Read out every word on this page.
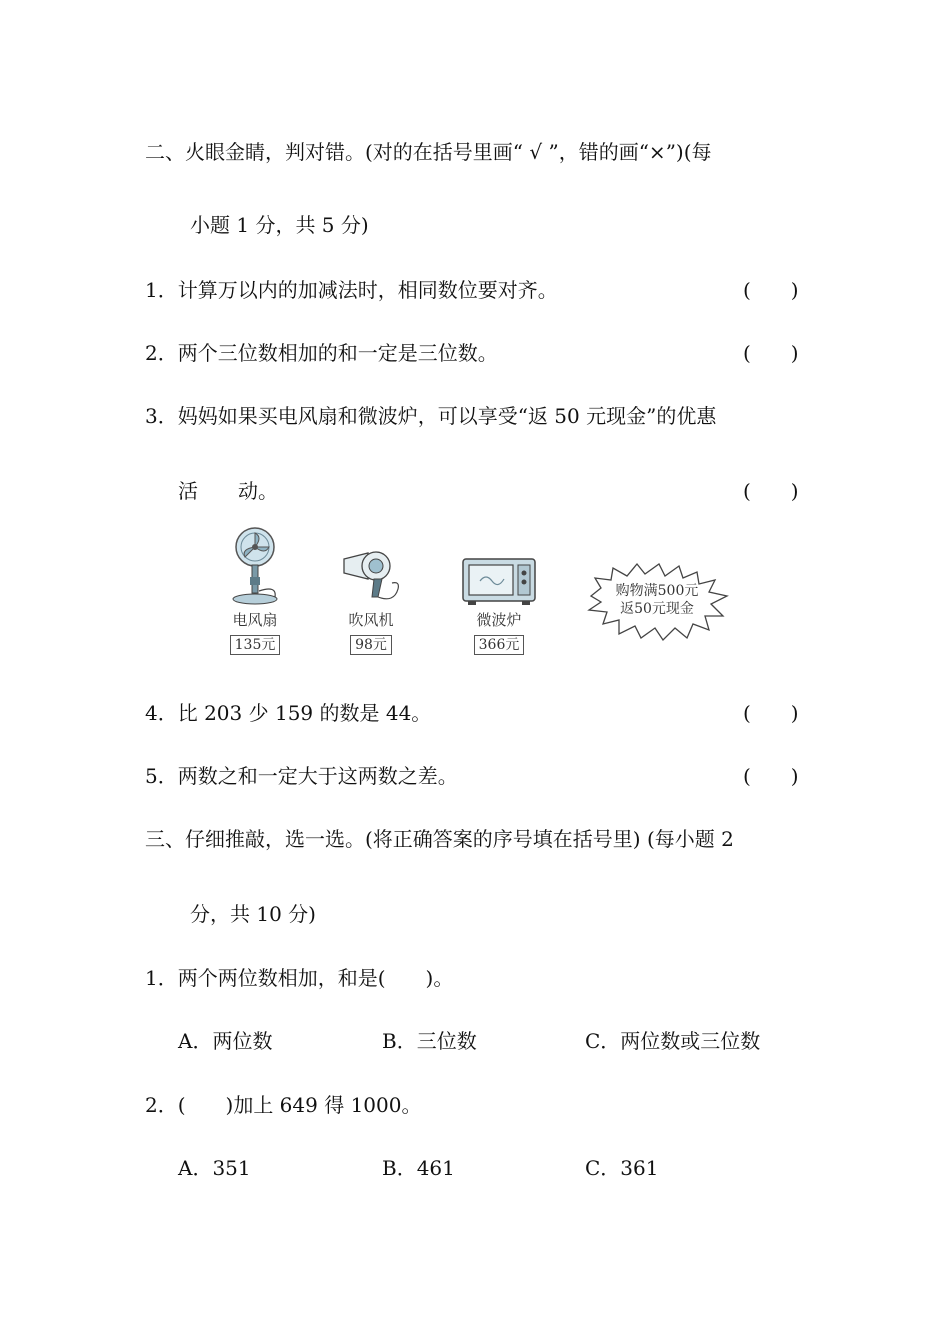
二、火眼金睛，判对错。(对的在括号里画“ √ ”，错的画“×”)(每
小题 1 分，共 5 分)
1．计算万以内的加减法时，相同数位要对齐。	(　　)
2．两个三位数相加的和一定是三位数。	(　　)
3．妈妈如果买电风扇和微波炉，可以享受“返 50 元现金”的优惠
活　　动。	(　　)
电风扇
135元
吹风机
98元
微波炉
366元
购物满500元
返50元现金
4．比 203 少 159 的数是 44。	(　　)
5．两数之和一定大于这两数之差。	(　　)
三、仔细推敲，选一选。(将正确答案的序号填在括号里) (每小题 2
分，共 10 分)
1．两个两位数相加，和是(　　)。
A．两位数	B．三位数	C．两位数或三位数
2．(　　)加上 649 得 1000。
A．351	B．461	C．361
